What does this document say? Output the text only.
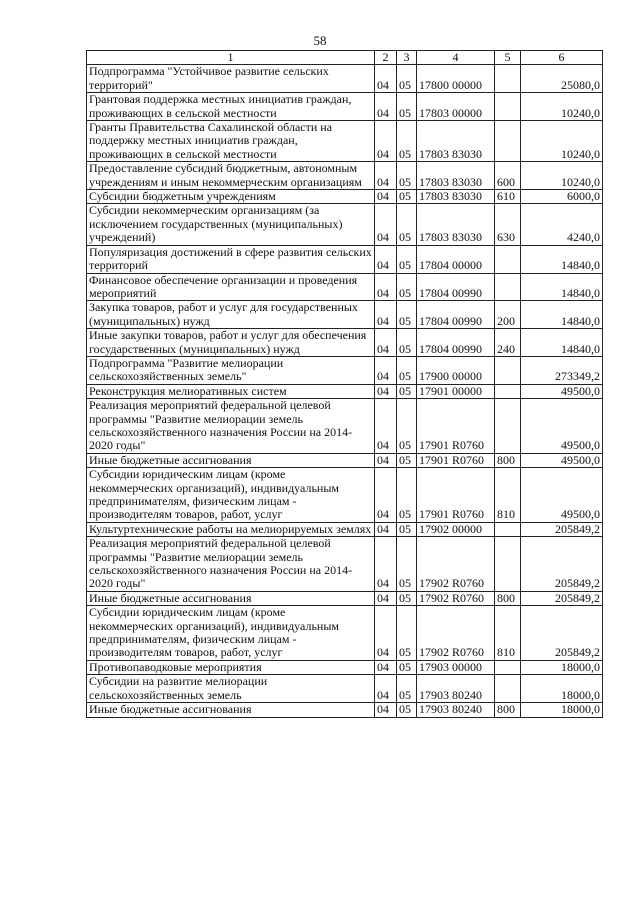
58
1	2	3	4	5	6
Подпрограмма "Устойчивое развитие сельских территорий"	04	05	17800 00000		25080,0
Грантовая поддержка местных инициатив граждан, проживающих в сельской местности	04	05	17803 00000		10240,0
Гранты Правительства Сахалинской области на поддержку местных инициатив граждан, проживающих в сельской местности	04	05	17803 83030		10240,0
Предоставление субсидий бюджетным, автономным учреждениям и иным некоммерческим организациям	04	05	17803 83030	600	10240,0
Субсидии бюджетным учреждениям	04	05	17803 83030	610	6000,0
Субсидии некоммерческим организациям (за исключением государственных (муниципальных) учреждений)	04	05	17803 83030	630	4240,0
Популяризация достижений в сфере развития сельских территорий	04	05	17804 00000		14840,0
Финансовое обеспечение организации и проведения мероприятий	04	05	17804 00990		14840,0
Закупка товаров, работ и услуг для государственных (муниципальных) нужд	04	05	17804 00990	200	14840,0
Иные закупки товаров, работ и услуг для обеспечения государственных (муниципальных) нужд	04	05	17804 00990	240	14840,0
Подпрограмма "Развитие мелиорации сельскохозяйственных земель"	04	05	17900 00000		273349,2
Реконструкция мелиоративных систем	04	05	17901 00000		49500,0
Реализация мероприятий федеральной целевой программы "Развитие мелиорации земель сельскохозяйственного назначения России на 2014-2020 годы"	04	05	17901 R0760		49500,0
Иные бюджетные ассигнования	04	05	17901 R0760	800	49500,0
Субсидии юридическим лицам (кроме некоммерческих организаций), индивидуальным предпринимателям, физическим лицам - производителям товаров, работ, услуг	04	05	17901 R0760	810	49500,0
Культуртехнические работы на мелиорируемых землях	04	05	17902 00000		205849,2
Реализация мероприятий федеральной целевой программы "Развитие мелиорации земель сельскохозяйственного назначения России на 2014-2020 годы"	04	05	17902 R0760		205849,2
Иные бюджетные ассигнования	04	05	17902 R0760	800	205849,2
Субсидии юридическим лицам (кроме некоммерческих организаций), индивидуальным предпринимателям, физическим лицам - производителям товаров, работ, услуг	04	05	17902 R0760	810	205849,2
Противопаводковые мероприятия	04	05	17903 00000		18000,0
Субсидии на развитие мелиорации сельскохозяйственных земель	04	05	17903 80240		18000,0
Иные бюджетные ассигнования	04	05	17903 80240	800	18000,0
